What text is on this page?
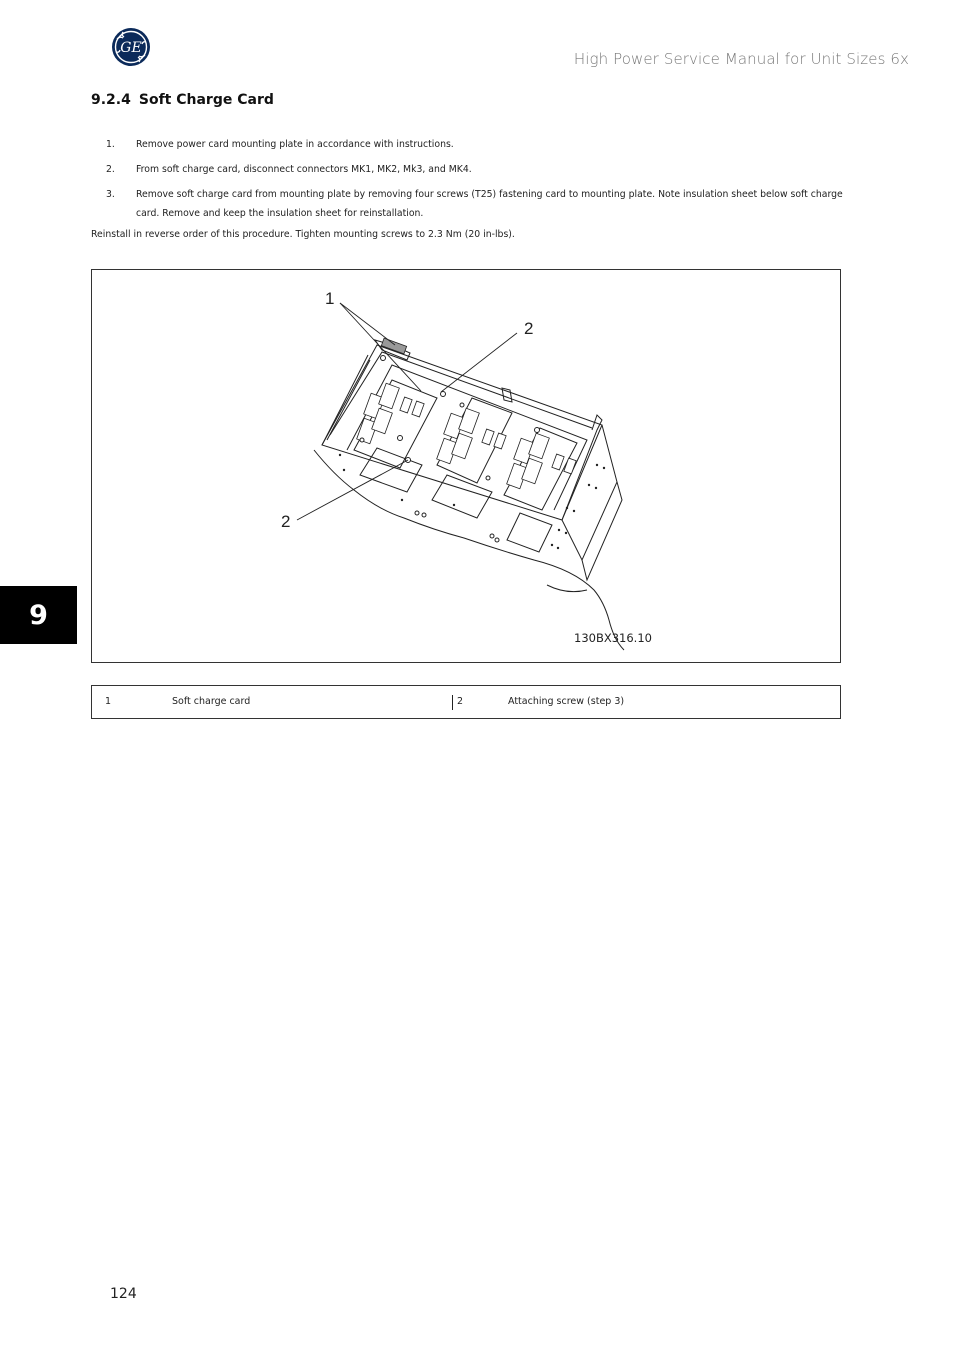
GE
High Power Service Manual for Unit Sizes 6x
9.2.4 Soft Charge Card
1. Remove power card mounting plate in accordance with instructions.
2. From soft charge card, disconnect connectors MK1, MK2, Mk3, and MK4.
3. Remove soft charge card from mounting plate by removing four screws (T25) fastening card to mounting plate. Note insulation sheet below soft charge card. Remove and keep the insulation sheet for reinstallation.
Reinstall in reverse order of this procedure. Tighten mounting screws to 2.3 Nm (20 in-lbs).
1
2
2
130BX316.10
1	Soft charge card	2	Attaching screw (step 3)
9
124
